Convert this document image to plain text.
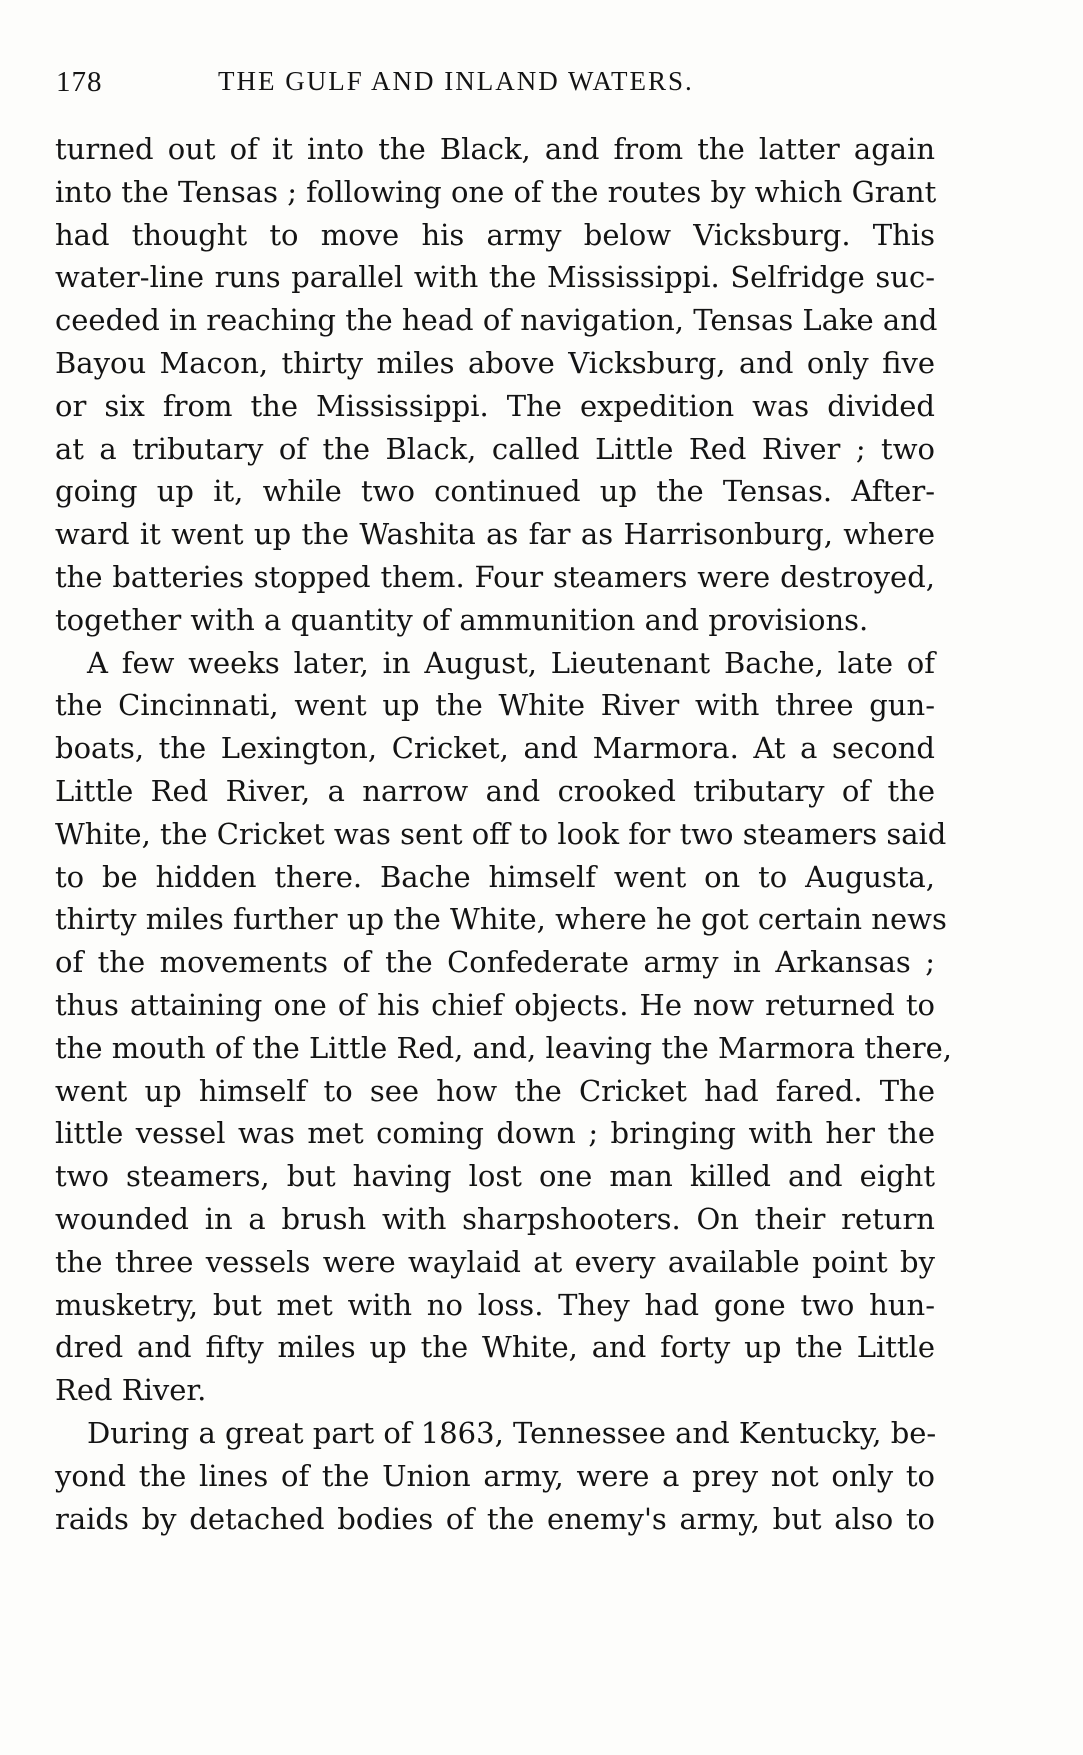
178	THE GULF AND INLAND WATERS.
turned out of it into the Black, and from the latter again
into the Tensas ; following one of the routes by which Grant
had thought to move his army below Vicksburg. This
water-line runs parallel with the Mississippi. Selfridge suc-
ceeded in reaching the head of navigation, Tensas Lake and
Bayou Macon, thirty miles above Vicksburg, and only five
or six from the Mississippi. The expedition was divided
at a tributary of the Black, called Little Red River ; two
going up it, while two continued up the Tensas. After-
ward it went up the Washita as far as Harrisonburg, where
the batteries stopped them. Four steamers were destroyed,
together with a quantity of ammunition and provisions.
A few weeks later, in August, Lieutenant Bache, late of
the Cincinnati, went up the White River with three gun-
boats, the Lexington, Cricket, and Marmora. At a second
Little Red River, a narrow and crooked tributary of the
White, the Cricket was sent off to look for two steamers said
to be hidden there. Bache himself went on to Augusta,
thirty miles further up the White, where he got certain news
of the movements of the Confederate army in Arkansas ;
thus attaining one of his chief objects. He now returned to
the mouth of the Little Red, and, leaving the Marmora there,
went up himself to see how the Cricket had fared. The
little vessel was met coming down ; bringing with her the
two steamers, but having lost one man killed and eight
wounded in a brush with sharpshooters. On their return
the three vessels were waylaid at every available point by
musketry, but met with no loss. They had gone two hun-
dred and fifty miles up the White, and forty up the Little
Red River.
During a great part of 1863, Tennessee and Kentucky, be-
yond the lines of the Union army, were a prey not only to
raids by detached bodies of the enemy's army, but also to
